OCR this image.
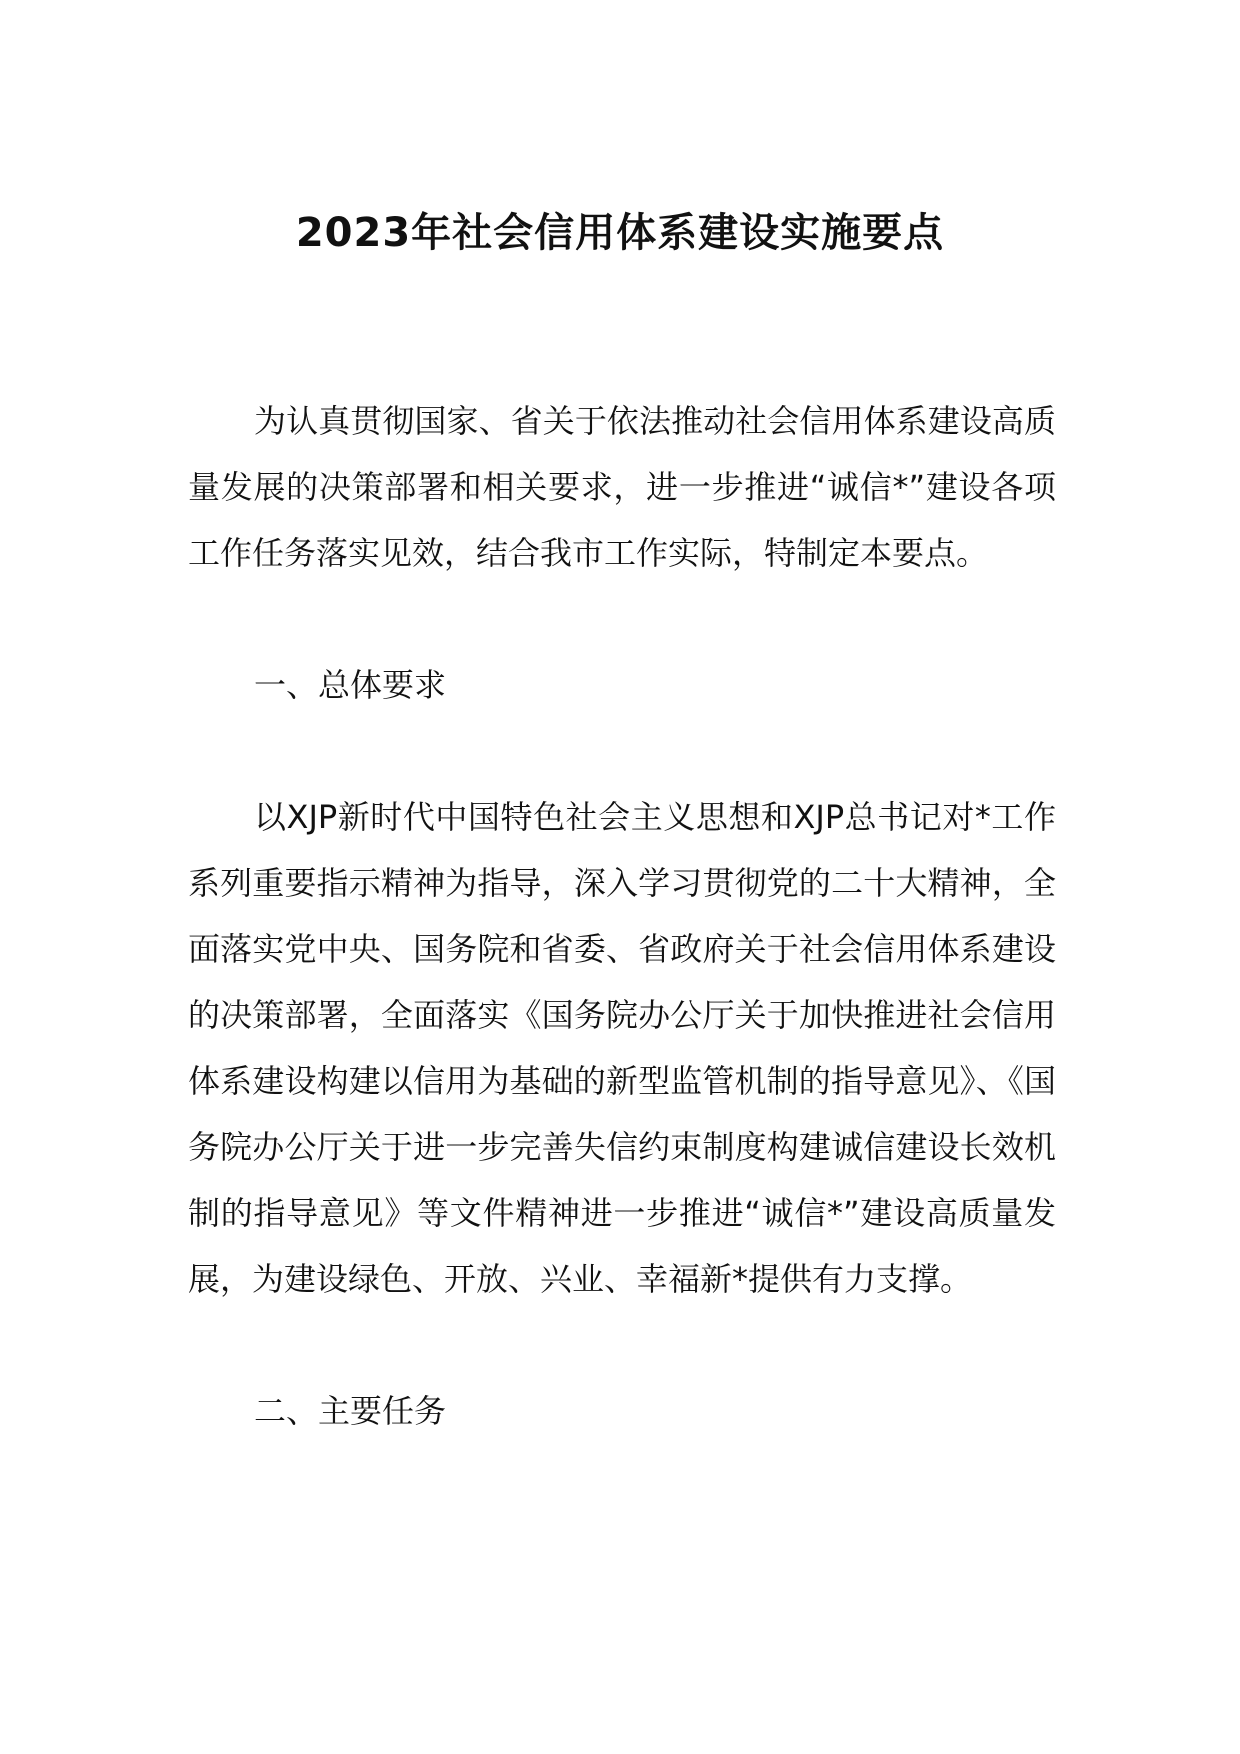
2023年社会信用体系建设实施要点

为认真贯彻国家、省关于依法推动社会信用体系建设高质量发展的决策部署和相关要求，进一步推进“诚信*”建设各项工作任务落实见效，结合我市工作实际，特制定本要点。

一、总体要求

以XJP新时代中国特色社会主义思想和XJP总书记对*工作系列重要指示精神为指导，深入学习贯彻党的二十大精神，全面落实党中央、国务院和省委、省政府关于社会信用体系建设的决策部署，全面落实《国务院办公厅关于加快推进社会信用体系建设构建以信用为基础的新型监管机制的指导意见》、《国务院办公厅关于进一步完善失信约束制度构建诚信建设长效机制的指导意见》等文件精神进一步推进“诚信*”建设高质量发展，为建设绿色、开放、兴业、幸福新*提供有力支撑。

二、主要任务
